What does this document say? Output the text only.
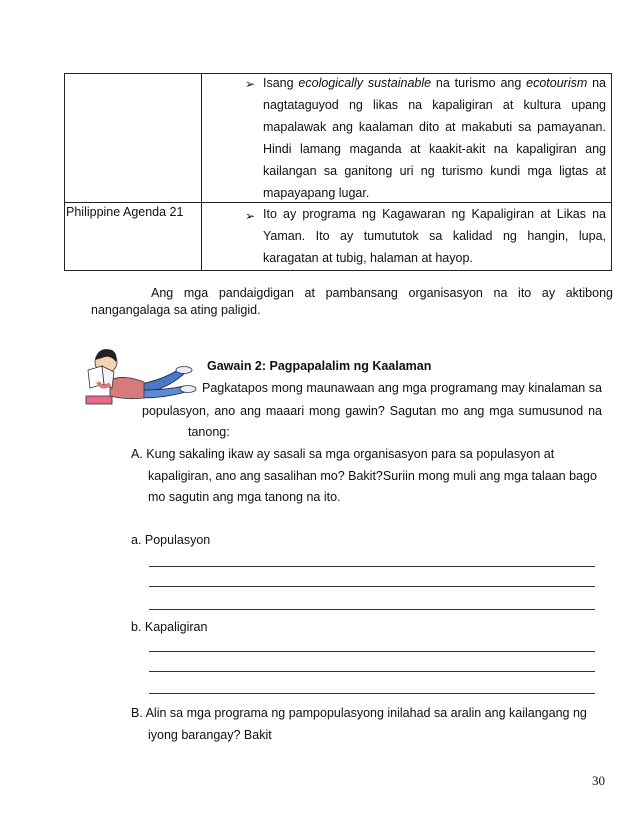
➢ Isang ecologically sustainable na turismo ang ecotourism na
nagtataguyod ng likas na kapaligiran at kultura upang
mapalawak ang kaalaman dito at makabuti sa pamayanan.
Hindi lamang maganda at kaakit-akit na kapaligiran ang
kailangan sa ganitong uri ng turismo kundi mga ligtas at
mapayapang lugar.
Philippine Agenda 21	➢ Ito ay programa ng Kagawaran ng Kapaligiran at Likas na
Yaman. Ito ay tumututok sa kalidad ng hangin, lupa,
karagatan at tubig, halaman at hayop.
Ang mga pandaigdigan at pambansang organisasyon na ito ay aktibong
nangangalaga sa ating paligid.
Gawain 2: Pagpapalalim ng Kaalaman
Pagkatapos mong maunawaan ang mga programang may kinalaman sa
populasyon, ano ang maaari mong gawin? Sagutan mo ang mga sumusunod na
tanong:
A. Kung sakaling ikaw ay sasali sa mga organisasyon para sa populasyon at
kapaligiran, ano ang sasalihan mo? Bakit?Suriin mong muli ang mga talaan bago
mo sagutin ang mga tanong na ito.
a. Populasyon
b. Kapaligiran
B. Alin sa mga programa ng pampopulasyong inilahad sa aralin ang kailangang ng
iyong barangay? Bakit
30
